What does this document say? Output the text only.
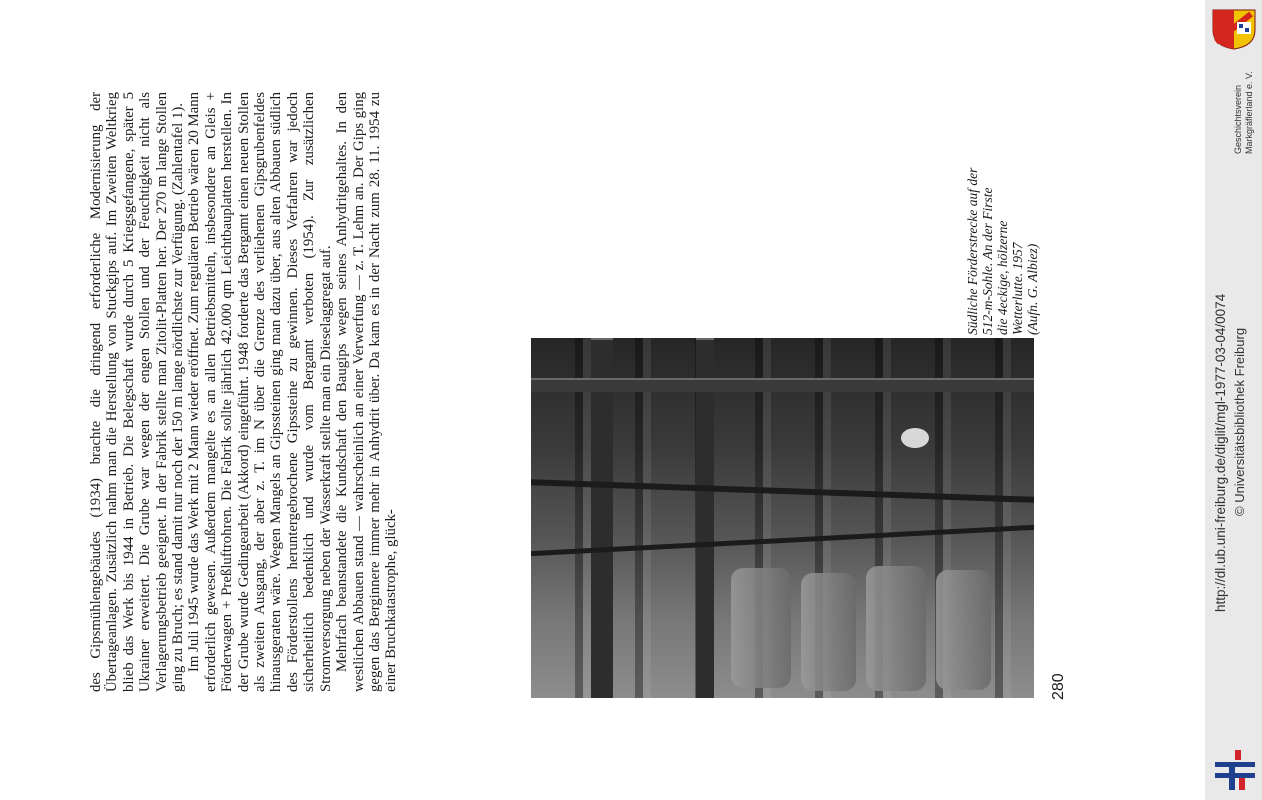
des Gipsmühlengebäudes (1934) brachte die dringend erforderliche Modernisierung der Übertageanlagen. Zusätzlich nahm man die Herstellung von Stuckgips auf. Im Zweiten Weltkrieg blieb das Werk bis 1944 in Betrieb. Die Belegschaft wurde durch 5 Kriegsgefangene, später 5 Ukrainer erweitert. Die Grube war wegen der engen Stollen und der Feuchtigkeit nicht als Verlagerungsbetrieb geeignet. In der Fabrik stellte man Zitolit-Platten her. Der 270 m lange Stollen ging zu Bruch; es stand damit nur noch der 150 m lange nördlichste zur Verfügung. (Zahlentafel 1). Im Juli 1945 wurde das Werk mit 2 Mann wieder eröffnet. Zum regulären Betrieb wären 20 Mann erforderlich gewesen. Außerdem mangelte es an allen Betriebsmitteln, insbesondere an Gleis + Förderwagen + Preßluftrohren. Die Fabrik sollte jährlich 42.000 qm Leichtbauplatten herstellen. In der Grube wurde Gedingearbeit (Akkord) eingeführt. 1948 forderte das Bergamt einen neuen Stollen als zweiten Ausgang, der aber z. T. im N über die Grenze des verliehenen Gipsgrubenfeldes hinausgeraten wäre. Wegen Mangels an Gipssteinen ging man dazu über, aus alten Abbauen südlich des Förderstollens heruntergebrochene Gipssteine zu gewinnen. Dieses Verfahren war jedoch sicherheitlich bedenklich und wurde vom Bergamt verboten (1954). Zur zusätzlichen Stromversorgung neben der Wasserkraft stellte man ein Dieselaggregat auf. Mehrfach beanstandete die Kundschaft den Baugips wegen seines Anhydritgehaltes. In den westlichen Abbauen stand — wahrscheinlich an einer Verwerfung — z. T. Lehm an. Der Gips ging gegen das Berginnere immer mehr in Anhydrit über. Da kam es in der Nacht zum 28. 11. 1954 zu einer Bruchkatastrophe, glück-

Südliche Förderstrecke auf der 512-m-Sohle. An der Firste die 4eckige, hölzerne Wetterlutte. 1957 (Aufn. G. Albiez)
280
Geschichtsverein Markgräflerland e. V.
http://dl.ub.uni-freiburg.de/diglit/mgl-1977-03-04/0074 © Universitätsbibliothek Freiburg
